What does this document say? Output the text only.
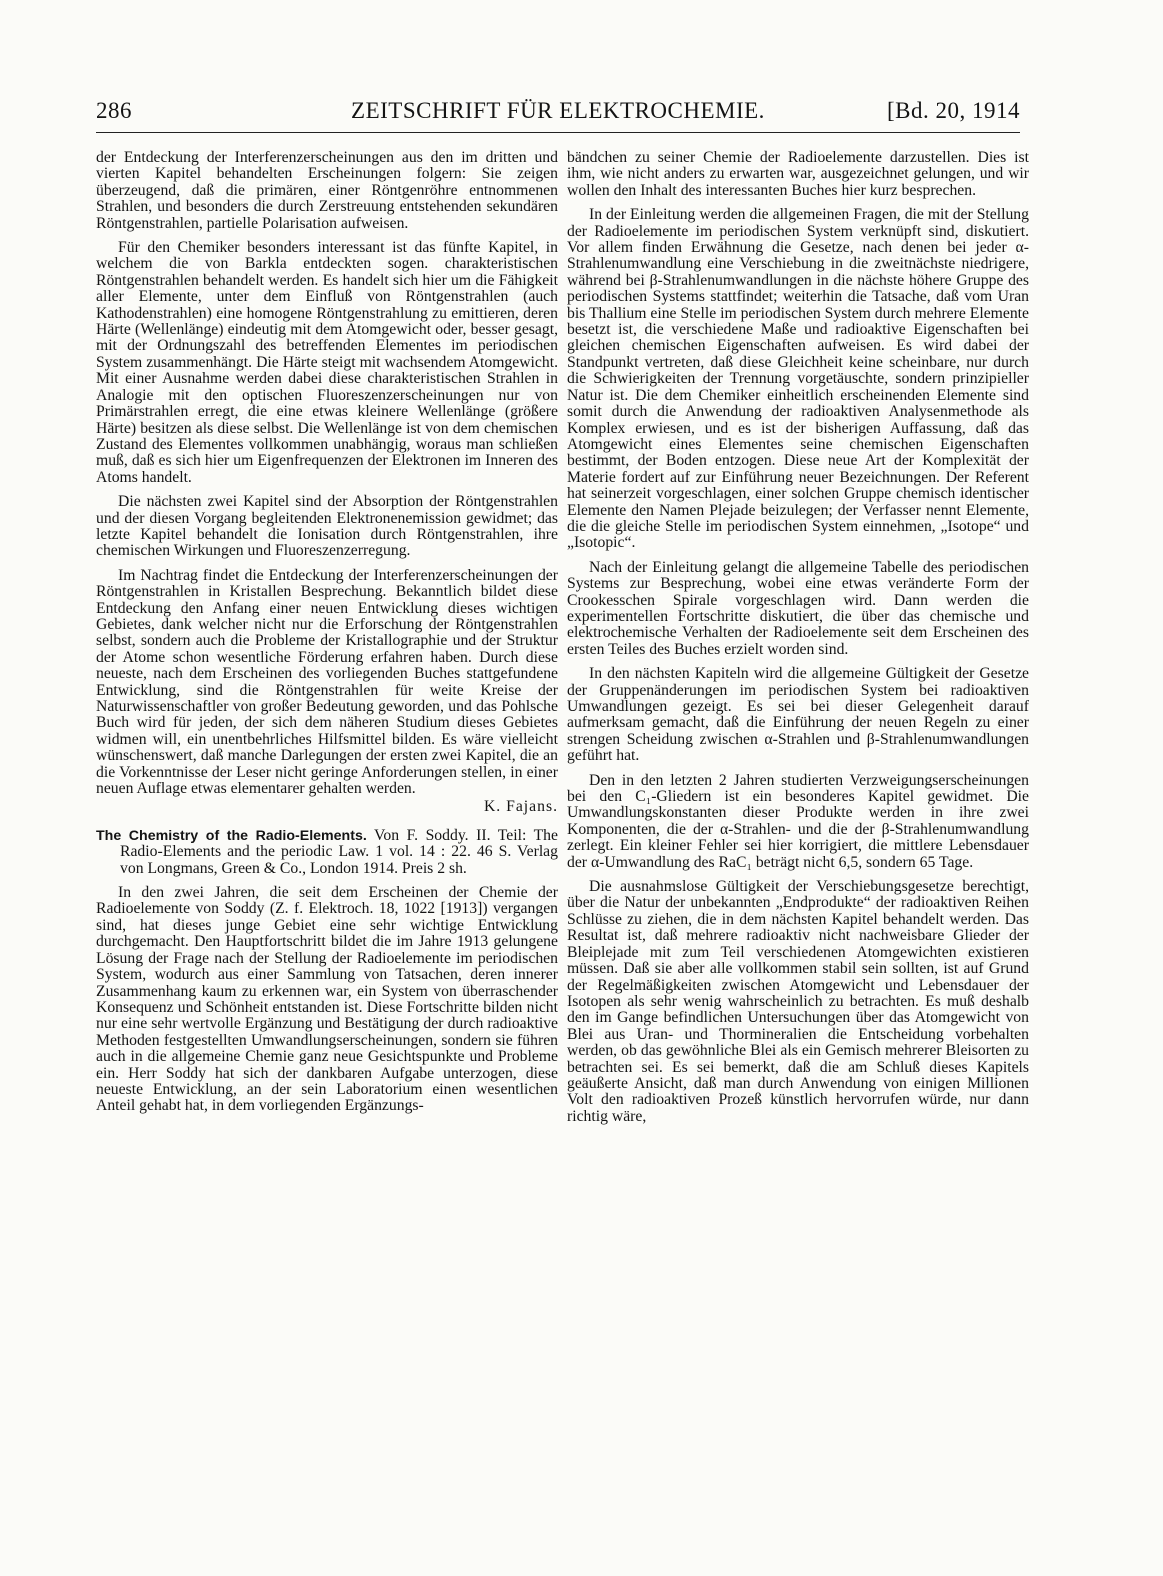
286	ZEITSCHRIFT FÜR ELEKTROCHEMIE.	[Bd. 20, 1914

der Entdeckung der Interferenzerscheinungen aus den im dritten und vierten Kapitel behandelten Erscheinungen folgern: Sie zeigen überzeugend, daß die primären, einer Röntgenröhre entnommenen Strahlen, und besonders die durch Zerstreuung entstehenden sekundären Röntgenstrahlen, partielle Polarisation aufweisen.

Für den Chemiker besonders interessant ist das fünfte Kapitel, in welchem die von Barkla entdeckten sogen. charakteristischen Röntgenstrahlen behandelt werden. Es handelt sich hier um die Fähigkeit aller Elemente, unter dem Einfluß von Röntgenstrahlen (auch Kathodenstrahlen) eine homogene Röntgenstrahlung zu emittieren, deren Härte (Wellenlänge) eindeutig mit dem Atomgewicht oder, besser gesagt, mit der Ordnungszahl des betreffenden Elementes im periodischen System zusammenhängt. Die Härte steigt mit wachsendem Atomgewicht. Mit einer Ausnahme werden dabei diese charakteristischen Strahlen in Analogie mit den optischen Fluoreszenzerscheinungen nur von Primärstrahlen erregt, die eine etwas kleinere Wellenlänge (größere Härte) besitzen als diese selbst. Die Wellenlänge ist von dem chemischen Zustand des Elementes vollkommen unabhängig, woraus man schließen muß, daß es sich hier um Eigenfrequenzen der Elektronen im Inneren des Atoms handelt.

Die nächsten zwei Kapitel sind der Absorption der Röntgenstrahlen und der diesen Vorgang begleitenden Elektronenemission gewidmet; das letzte Kapitel behandelt die Ionisation durch Röntgenstrahlen, ihre chemischen Wirkungen und Fluoreszenzerregung.

Im Nachtrag findet die Entdeckung der Interferenzerscheinungen der Röntgenstrahlen in Kristallen Besprechung. Bekanntlich bildet diese Entdeckung den Anfang einer neuen Entwicklung dieses wichtigen Gebietes, dank welcher nicht nur die Erforschung der Röntgenstrahlen selbst, sondern auch die Probleme der Kristallographie und der Struktur der Atome schon wesentliche Förderung erfahren haben. Durch diese neueste, nach dem Erscheinen des vorliegenden Buches stattgefundene Entwicklung, sind die Röntgenstrahlen für weite Kreise der Naturwissenschaftler von großer Bedeutung geworden, und das Pohlsche Buch wird für jeden, der sich dem näheren Studium dieses Gebietes widmen will, ein unentbehrliches Hilfsmittel bilden. Es wäre vielleicht wünschenswert, daß manche Darlegungen der ersten zwei Kapitel, die an die Vorkenntnisse der Leser nicht geringe Anforderungen stellen, in einer neuen Auflage etwas elementarer gehalten werden.

K. Fajans.
The Chemistry of the Radio-Elements. Von F. Soddy. II. Teil: The Radio-Elements and the periodic Law. 1 vol. 14 : 22. 46 S. Verlag von Longmans, Green & Co., London 1914. Preis 2 sh.

In den zwei Jahren, die seit dem Erscheinen der Chemie der Radioelemente von Soddy (Z. f. Elektroch. 18, 1022 [1913]) vergangen sind, hat dieses junge Gebiet eine sehr wichtige Entwicklung durchgemacht. Den Hauptfortschritt bildet die im Jahre 1913 gelungene Lösung der Frage nach der Stellung der Radioelemente im periodischen System, wodurch aus einer Sammlung von Tatsachen, deren innerer Zusammenhang kaum zu erkennen war, ein System von überraschender Konsequenz und Schönheit entstanden ist. Diese Fortschritte bilden nicht nur eine sehr wertvolle Ergänzung und Bestätigung der durch radioaktive Methoden festgestellten Umwandlungserscheinungen, sondern sie führen auch in die allgemeine Chemie ganz neue Gesichtspunkte und Probleme ein. Herr Soddy hat sich der dankbaren Aufgabe unterzogen, diese neueste Entwicklung, an der sein Laboratorium einen wesentlichen Anteil gehabt hat, in dem vorliegenden Ergänzungs-

bändchen zu seiner Chemie der Radioelemente darzustellen. Dies ist ihm, wie nicht anders zu erwarten war, ausgezeichnet gelungen, und wir wollen den Inhalt des interessanten Buches hier kurz besprechen.

In der Einleitung werden die allgemeinen Fragen, die mit der Stellung der Radioelemente im periodischen System verknüpft sind, diskutiert. Vor allem finden Erwähnung die Gesetze, nach denen bei jeder α-Strahlenumwandlung eine Verschiebung in die zweitnächste niedrigere, während bei β-Strahlenumwandlungen in die nächste höhere Gruppe des periodischen Systems stattfindet; weiterhin die Tatsache, daß vom Uran bis Thallium eine Stelle im periodischen System durch mehrere Elemente besetzt ist, die verschiedene Maße und radioaktive Eigenschaften bei gleichen chemischen Eigenschaften aufweisen. Es wird dabei der Standpunkt vertreten, daß diese Gleichheit keine scheinbare, nur durch die Schwierigkeiten der Trennung vorgetäuschte, sondern prinzipieller Natur ist. Die dem Chemiker einheitlich erscheinenden Elemente sind somit durch die Anwendung der radioaktiven Analysenmethode als Komplex erwiesen, und es ist der bisherigen Auffassung, daß das Atomgewicht eines Elementes seine chemischen Eigenschaften bestimmt, der Boden entzogen. Diese neue Art der Komplexität der Materie fordert auf zur Einführung neuer Bezeichnungen. Der Referent hat seinerzeit vorgeschlagen, einer solchen Gruppe chemisch identischer Elemente den Namen Plejade beizulegen; der Verfasser nennt Elemente, die die gleiche Stelle im periodischen System einnehmen, „Isotope“ und „Isotopic“.

Nach der Einleitung gelangt die allgemeine Tabelle des periodischen Systems zur Besprechung, wobei eine etwas veränderte Form der Crookesschen Spirale vorgeschlagen wird. Dann werden die experimentellen Fortschritte diskutiert, die über das chemische und elektrochemische Verhalten der Radioelemente seit dem Erscheinen des ersten Teiles des Buches erzielt worden sind.

In den nächsten Kapiteln wird die allgemeine Gültigkeit der Gesetze der Gruppenänderungen im periodischen System bei radioaktiven Umwandlungen gezeigt. Es sei bei dieser Gelegenheit darauf aufmerksam gemacht, daß die Einführung der neuen Regeln zu einer strengen Scheidung zwischen α-Strahlen und β-Strahlenumwandlungen geführt hat.

Den in den letzten 2 Jahren studierten Verzweigungserscheinungen bei den C₁-Gliedern ist ein besonderes Kapitel gewidmet. Die Umwandlungskonstanten dieser Produkte werden in ihre zwei Komponenten, die der α-Strahlen- und die der β-Strahlenumwandlung zerlegt. Ein kleiner Fehler sei hier korrigiert, die mittlere Lebensdauer der α-Umwandlung des RaC₁ beträgt nicht 6,5, sondern 65 Tage.

Die ausnahmslose Gültigkeit der Verschiebungsgesetze berechtigt, über die Natur der unbekannten „Endprodukte“ der radioaktiven Reihen Schlüsse zu ziehen, die in dem nächsten Kapitel behandelt werden. Das Resultat ist, daß mehrere radioaktiv nicht nachweisbare Glieder der Bleiplejade mit zum Teil verschiedenen Atomgewichten existieren müssen. Daß sie aber alle vollkommen stabil sein sollten, ist auf Grund der Regelmäßigkeiten zwischen Atomgewicht und Lebensdauer der Isotopen als sehr wenig wahrscheinlich zu betrachten. Es muß deshalb den im Gange befindlichen Untersuchungen über das Atomgewicht von Blei aus Uran- und Thormineralien die Entscheidung vorbehalten werden, ob das gewöhnliche Blei als ein Gemisch mehrerer Bleisorten zu betrachten sei. Es sei bemerkt, daß die am Schluß dieses Kapitels geäußerte Ansicht, daß man durch Anwendung von einigen Millionen Volt den radioaktiven Prozeß künstlich hervorrufen würde, nur dann richtig wäre,
